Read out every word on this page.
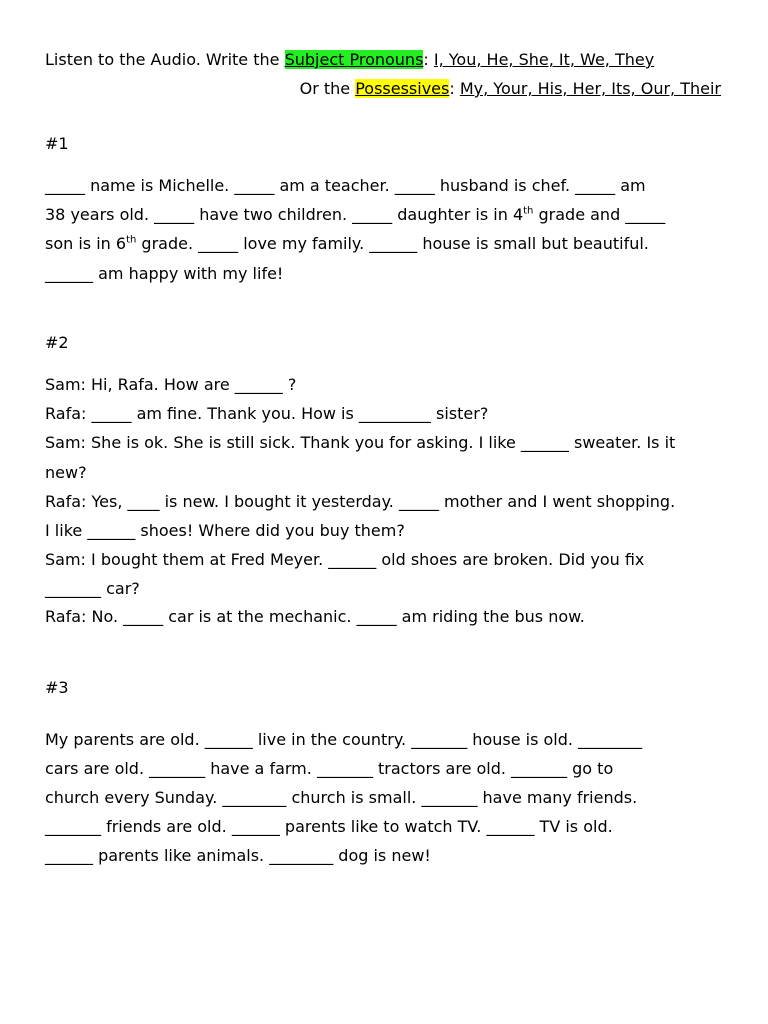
Listen to the Audio. Write the Subject Pronouns: I, You, He, She, It, We, They
Or the Possessives: My, Your, His, Her, Its, Our, Their
#1
_____ name is Michelle. _____ am a teacher. _____ husband is chef. _____ am
38 years old. _____ have two children. _____ daughter is in 4th grade and _____
son is in 6th grade. _____ love my family. ______ house is small but beautiful.
______ am happy with my life!
#2
Sam: Hi, Rafa. How are ______ ?
Rafa: _____ am fine. Thank you. How is _________ sister?
Sam: She is ok. She is still sick. Thank you for asking. I like ______ sweater. Is it
new?
Rafa: Yes, ____ is new. I bought it yesterday. _____ mother and I went shopping.
I like ______ shoes! Where did you buy them?
Sam: I bought them at Fred Meyer. ______ old shoes are broken. Did you fix
_______ car?
Rafa: No. _____ car is at the mechanic. _____ am riding the bus now.
#3
My parents are old. ______ live in the country. _______ house is old. ________
cars are old. _______ have a farm. _______ tractors are old. _______ go to
church every Sunday. ________ church is small. _______ have many friends.
_______ friends are old. ______ parents like to watch TV. ______ TV is old.
______ parents like animals. ________ dog is new!
